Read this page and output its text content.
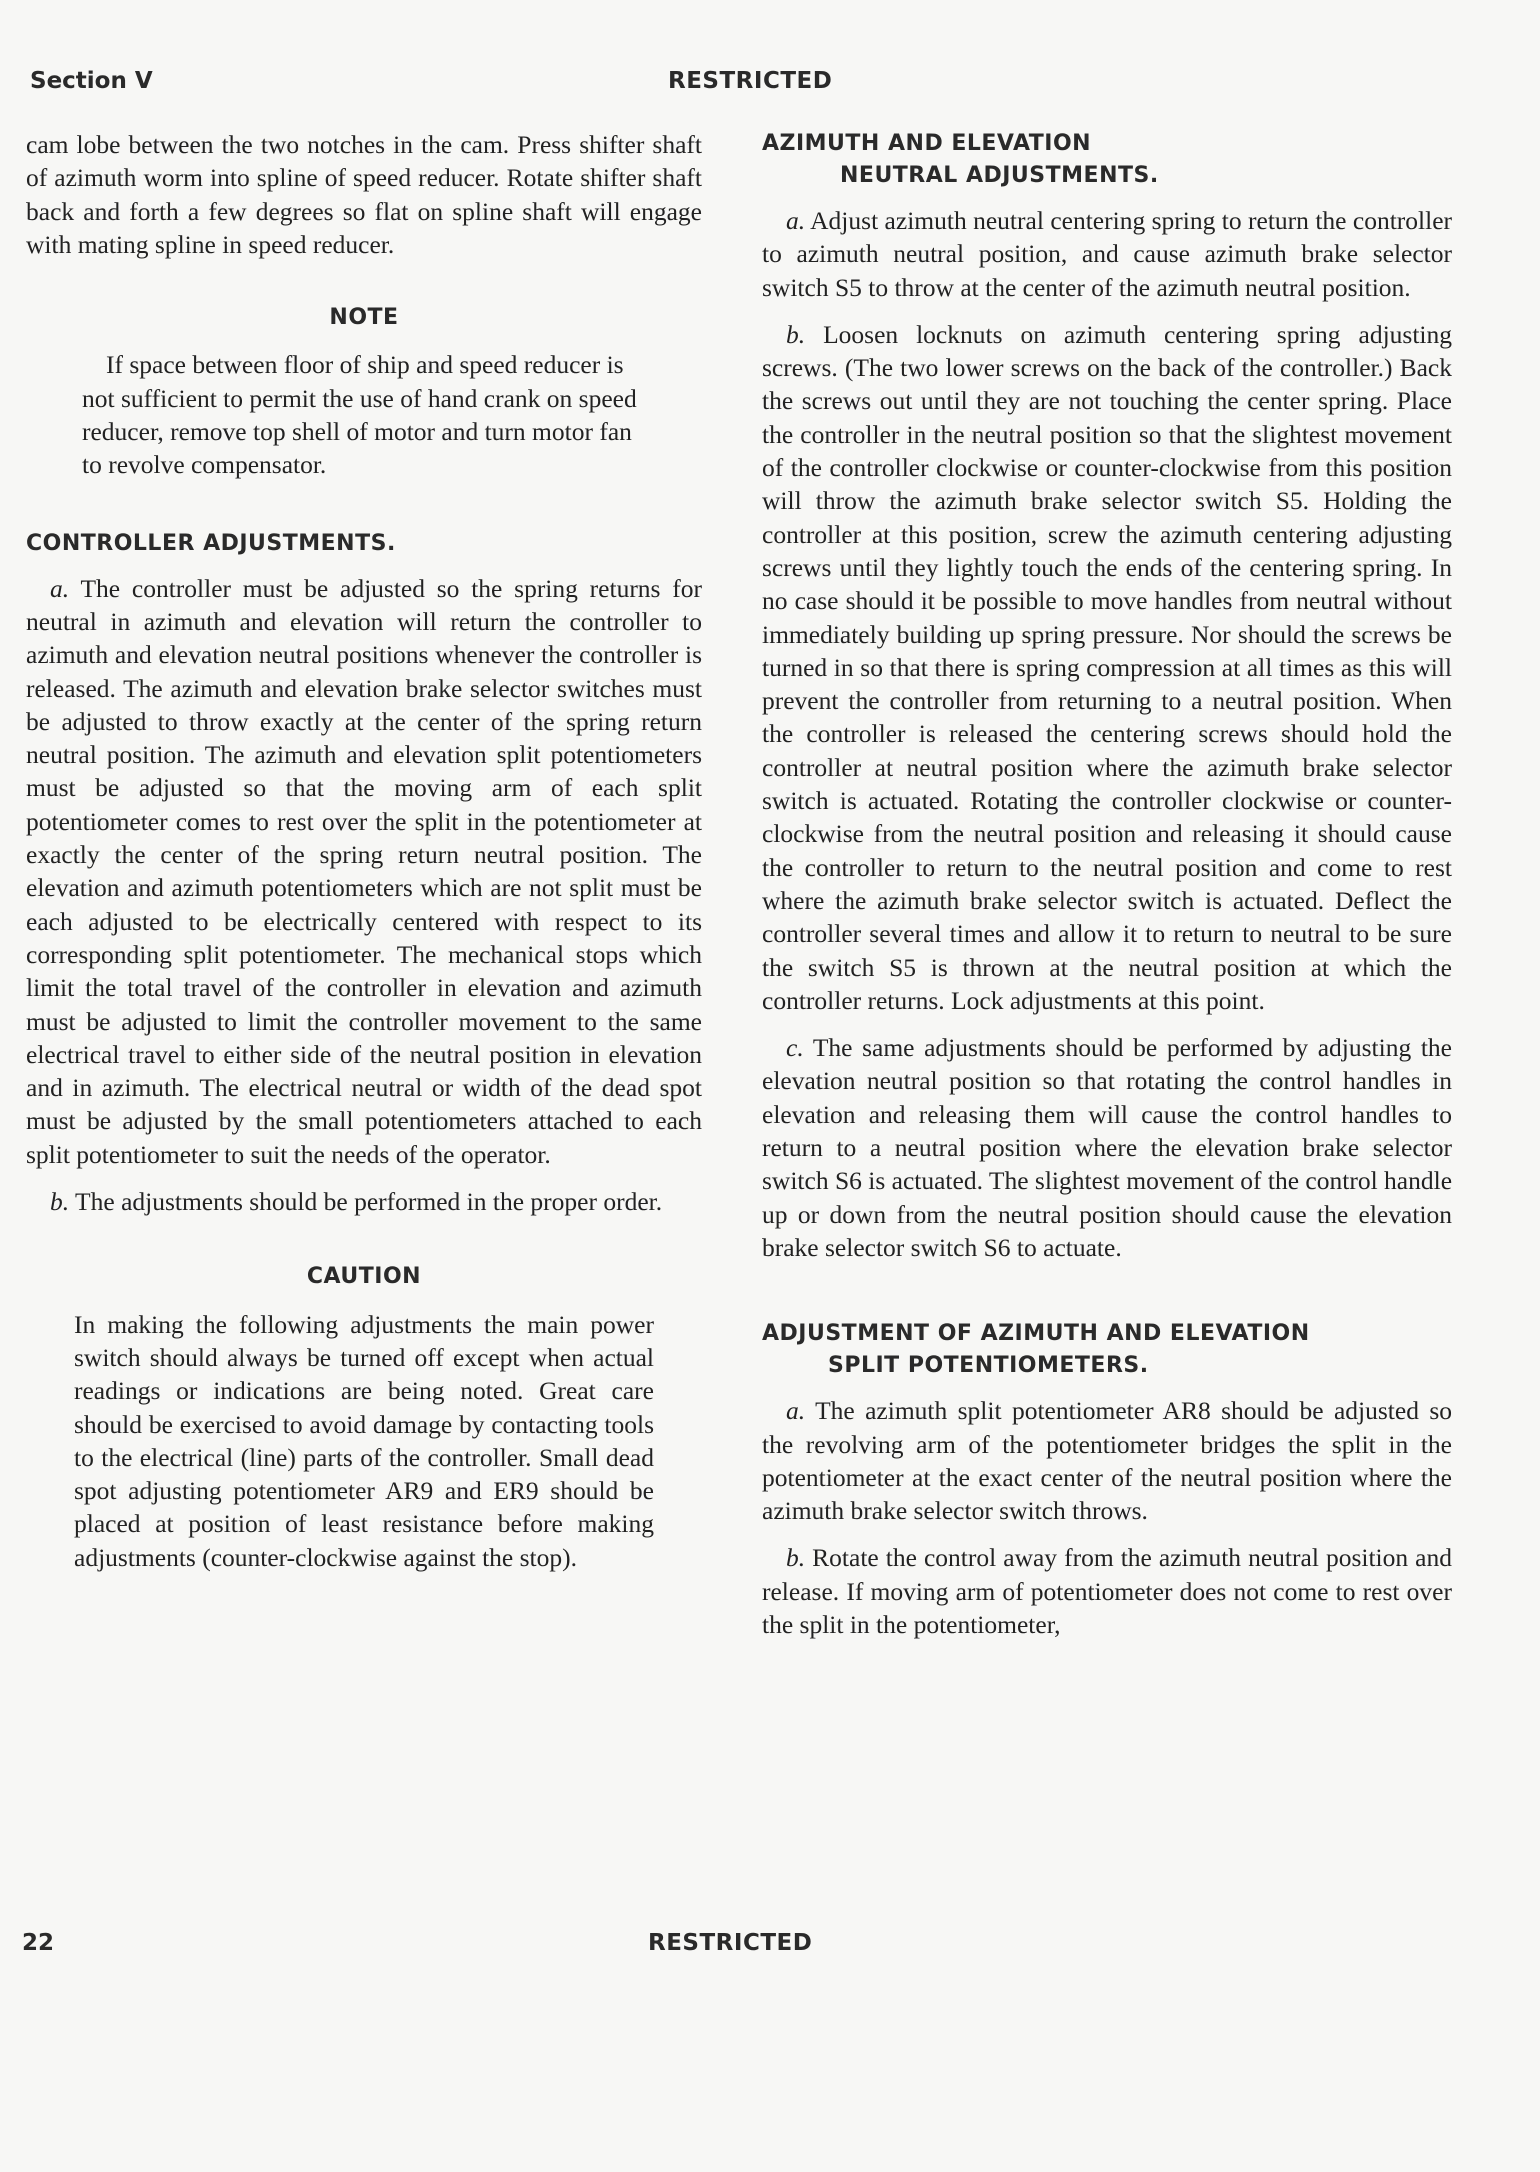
Section V	RESTRICTED

cam lobe between the two notches in the cam. Press shifter shaft of azimuth worm into spline of speed reducer. Rotate shifter shaft back and forth a few degrees so flat on spline shaft will engage with mating spline in speed reducer.

NOTE

If space between floor of ship and speed reducer is not sufficient to permit the use of hand crank on speed reducer, remove top shell of motor and turn motor fan to revolve compensator.

CONTROLLER ADJUSTMENTS.

a. The controller must be adjusted so the spring returns for neutral in azimuth and elevation will return the controller to azimuth and elevation neutral positions whenever the controller is released. The azimuth and elevation brake selector switches must be adjusted to throw exactly at the center of the spring return neutral position. The azimuth and elevation split potentiometers must be adjusted so that the moving arm of each split potentiometer comes to rest over the split in the potentiometer at exactly the center of the spring return neutral position. The elevation and azimuth potentiometers which are not split must be each adjusted to be electrically centered with respect to its corresponding split potentiometer. The mechanical stops which limit the total travel of the controller in elevation and azimuth must be adjusted to limit the controller movement to the same electrical travel to either side of the neutral position in elevation and in azimuth. The electrical neutral or width of the dead spot must be adjusted by the small potentiometers attached to each split potentiometer to suit the needs of the operator.

b. The adjustments should be performed in the proper order.

CAUTION

In making the following adjustments the main power switch should always be turned off except when actual readings or indications are being noted. Great care should be exercised to avoid damage by contacting tools to the electrical (line) parts of the controller. Small dead spot adjusting potentiometer AR9 and ER9 should be placed at position of least resistance before making adjustments (counter-clockwise against the stop).

AZIMUTH AND ELEVATION
NEUTRAL ADJUSTMENTS.

a. Adjust azimuth neutral centering spring to return the controller to azimuth neutral position, and cause azimuth brake selector switch S5 to throw at the center of the azimuth neutral position.

b. Loosen locknuts on azimuth centering spring adjusting screws. (The two lower screws on the back of the controller.) Back the screws out until they are not touching the center spring. Place the controller in the neutral position so that the slightest movement of the controller clockwise or counter-clockwise from this position will throw the azimuth brake selector switch S5. Holding the controller at this position, screw the azimuth centering adjusting screws until they lightly touch the ends of the centering spring. In no case should it be possible to move handles from neutral without immediately building up spring pressure. Nor should the screws be turned in so that there is spring compression at all times as this will prevent the controller from returning to a neutral position. When the controller is released the centering screws should hold the controller at neutral position where the azimuth brake selector switch is actuated. Rotating the controller clockwise or counter-clockwise from the neutral position and releasing it should cause the controller to return to the neutral position and come to rest where the azimuth brake selector switch is actuated. Deflect the controller several times and allow it to return to neutral to be sure the switch S5 is thrown at the neutral position at which the controller returns. Lock adjustments at this point.

c. The same adjustments should be performed by adjusting the elevation neutral position so that rotating the control handles in elevation and releasing them will cause the control handles to return to a neutral position where the elevation brake selector switch S6 is actuated. The slightest movement of the control handle up or down from the neutral position should cause the elevation brake selector switch S6 to actuate.

ADJUSTMENT OF AZIMUTH AND ELEVATION
SPLIT POTENTIOMETERS.

a. The azimuth split potentiometer AR8 should be adjusted so the revolving arm of the potentiometer bridges the split in the potentiometer at the exact center of the neutral position where the azimuth brake selector switch throws.

b. Rotate the control away from the azimuth neutral position and release. If moving arm of potentiometer does not come to rest over the split in the potentiometer,

22	RESTRICTED
